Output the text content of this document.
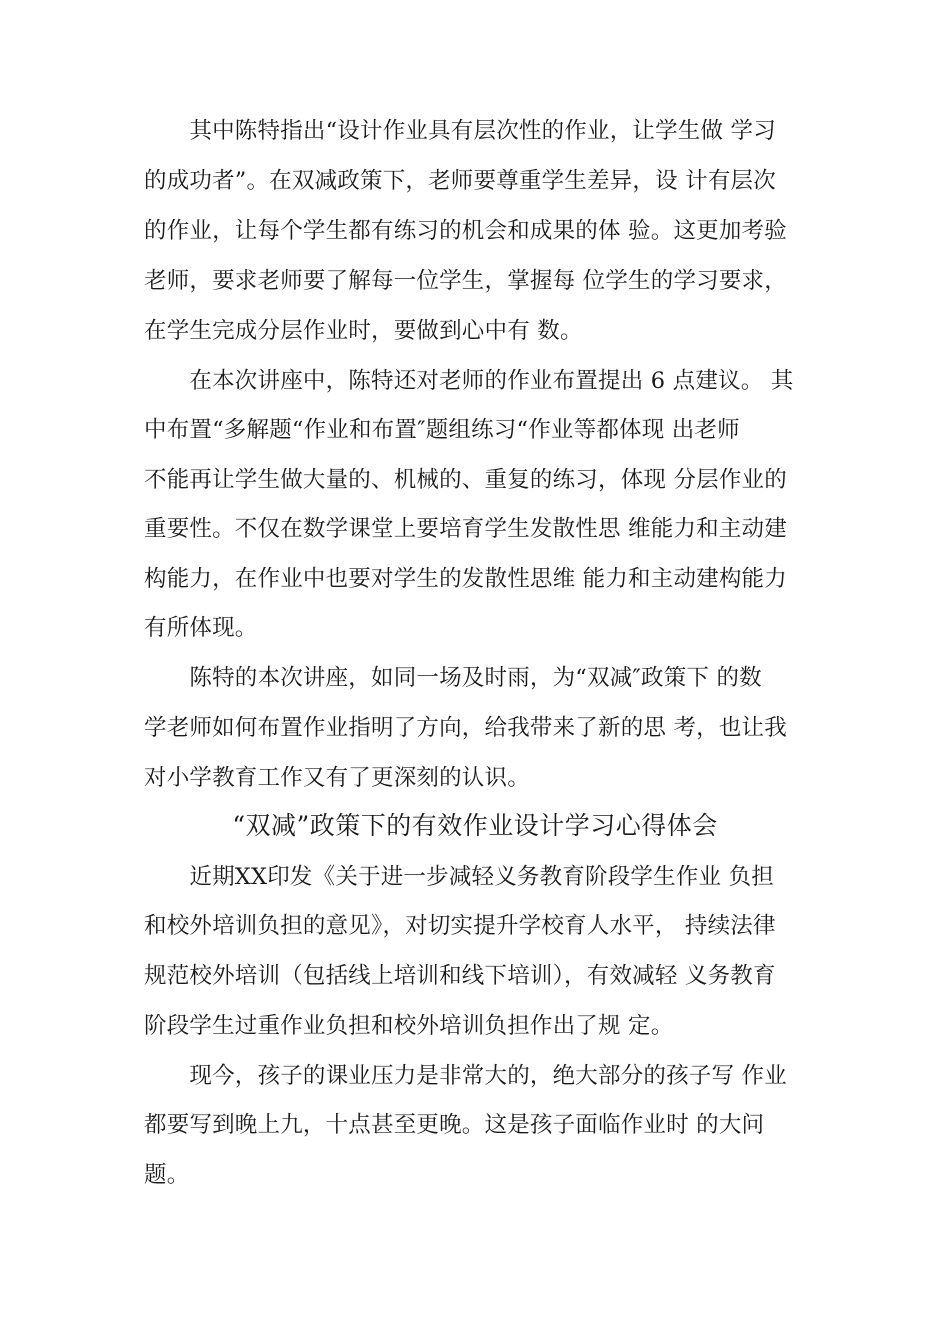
　　其中陈特指出“设计作业具有层次性的作业，让学生做 学习
的成功者”。在双减政策下，老师要尊重学生差异，设 计有层次
的作业，让每个学生都有练习的机会和成果的体 验。这更加考验
老师，要求老师要了解每一位学生，掌握每 位学生的学习要求，
在学生完成分层作业时，要做到心中有 数。
　　在本次讲座中，陈特还对老师的作业布置提出 6 点建议。 其
中布置“多解题“作业和布置″题组练习“作业等都体现 出老师
不能再让学生做大量的、机械的、重复的练习，体现 分层作业的
重要性。不仅在数学课堂上要培育学生发散性思 维能力和主动建
构能力，在作业中也要对学生的发散性思维 能力和主动建构能力
有所体现。
　　陈特的本次讲座，如同一场及时雨，为“双减″政策下 的数
学老师如何布置作业指明了方向，给我带来了新的思 考，也让我
对小学教育工作又有了更深刻的认识。
“双减”政策下的有效作业设计学习心得体会
　　近期XX印发《关于进一步减轻义务教育阶段学生作业 负担
和校外培训负担的意见》，对切实提升学校育人水平， 持续法律
规范校外培训（包括线上培训和线下培训），有效减轻 义务教育
阶段学生过重作业负担和校外培训负担作出了规 定。
　　现今，孩子的课业压力是非常大的，绝大部分的孩子写 作业
都要写到晚上九，十点甚至更晚。这是孩子面临作业时 的大问
题。
